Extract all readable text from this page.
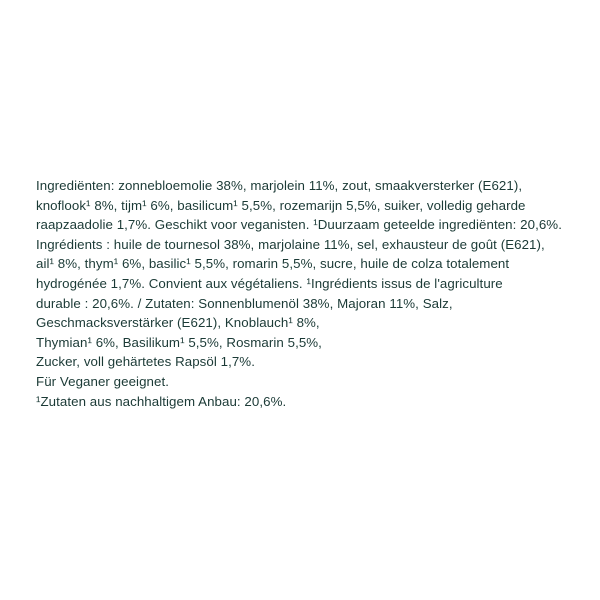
Ingrediënten: zonnebloemolie 38%, marjolein 11%, zout, smaakversterker (E621),

knoflook¹ 8%, tijm¹ 6%, basilicum¹ 5,5%, rozemarijn 5,5%, suiker, volledig geharde

raapzaadolie 1,7%. Geschikt voor veganisten. ¹Duurzaam geteelde ingrediënten: 20,6%.

Ingrédients : huile de tournesol 38%, marjolaine 11%, sel, exhausteur de goût (E621),

ail¹ 8%, thym¹ 6%, basilic¹ 5,5%, romarin 5,5%, sucre, huile de colza totalement

hydrogénée 1,7%. Convient aux végétaliens. ¹Ingrédients issus de l'agriculture

durable : 20,6%. / Zutaten: Sonnenblumenöl 38%, Majoran 11%, Salz,

Geschmacksverstärker (E621), Knoblauch¹ 8%,

Thymian¹ 6%, Basilikum¹ 5,5%, Rosmarin 5,5%,

Zucker, voll gehärtetes Rapsöl 1,7%.

Für Veganer geeignet.

¹Zutaten aus nachhaltigem Anbau: 20,6%.
